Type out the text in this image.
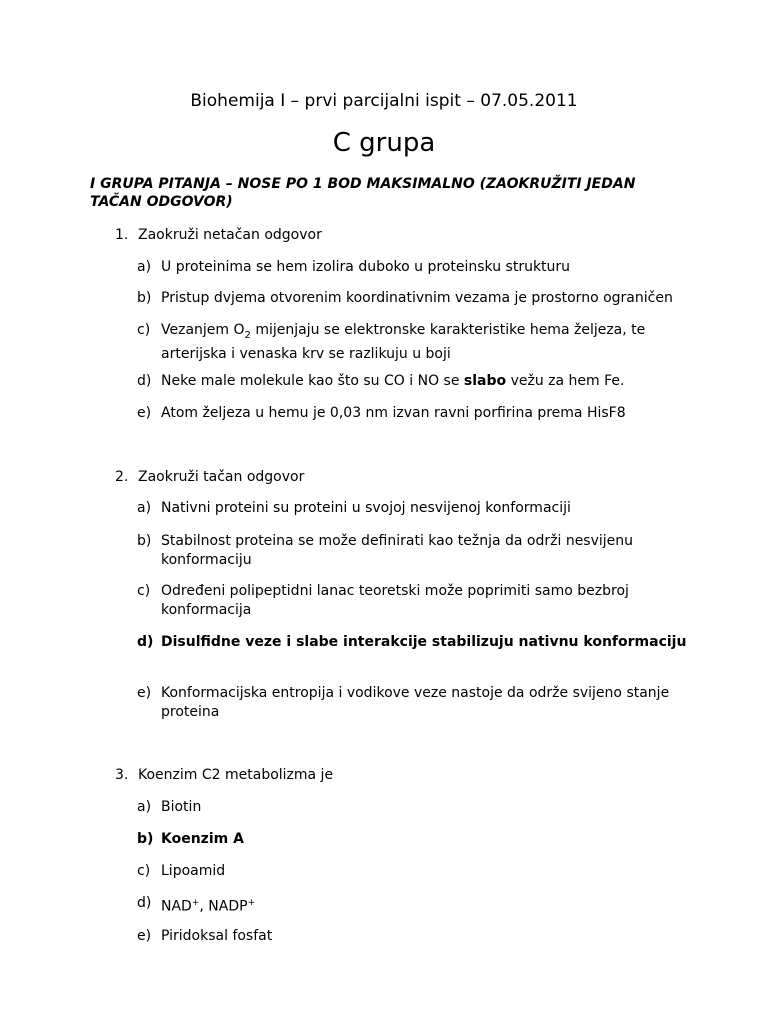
Biohemija I – prvi parcijalni ispit – 07.05.2011
C grupa
I GRUPA PITANJA – NOSE PO 1 BOD MAKSIMALNO (ZAOKRUŽITI JEDAN TAČAN ODGOVOR)
1. Zaokruži netačan odgovor
a) U proteinima se hem izolira duboko u proteinsku strukturu
b) Pristup dvjema otvorenim koordinativnim vezama je prostorno ograničen
c) Vezanjem $O_2$ mijenjaju se elektronske karakteristike hema željeza, te arterijska i venaska krv se razlikuju u boji
d) Neke male molekule kao što su CO i NO se slabo vežu za hem Fe.
e) Atom željeza u hemu je 0,03 nm izvan ravni porfirina prema HisF8
2. Zaokruži tačan odgovor
a) Nativni proteini su proteini u svojoj nesvijenoj konformaciji
b) Stabilnost proteina se može definirati kao težnja da održi nesvijenu konformaciju
c) Određeni polipeptidni lanac teoretski može poprimiti samo bezbroj konformacija
d) Disulfidne veze i slabe interakcije stabilizuju nativnu konformaciju
e) Konformacijska entropija i vodikove veze nastoje da održe svijeno stanje proteina
3. Koenzim C2 metabolizma je
a) Biotin
b) Koenzim A
c) Lipoamid
d) NAD+, NADP+
e) Piridoksal fosfat
